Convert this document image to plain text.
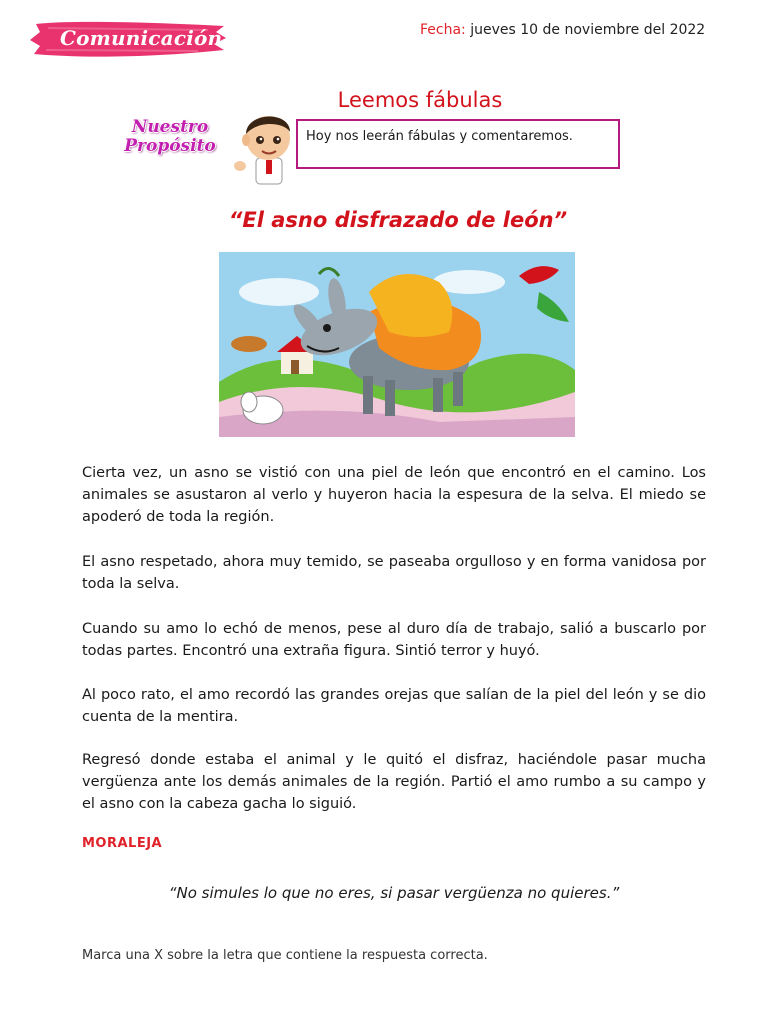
Comunicación	Fecha: jueves 10 de noviembre del 2022
Leemos fábulas
Nuestro
Propósito	Hoy nos leerán fábulas y comentaremos.
“El asno disfrazado de león”
Cierta vez, un asno se vistió con una piel de león que encontró en el camino. Los animales se asustaron al verlo y huyeron hacia la espesura de la selva. El miedo se apoderó de toda la región.
El asno respetado, ahora muy temido, se paseaba orgulloso y en forma vanidosa por toda la selva.
Cuando su amo lo echó de menos, pese al duro día de trabajo, salió a buscarlo por todas partes. Encontró una extraña figura. Sintió terror y huyó.
Al poco rato, el amo recordó las grandes orejas que salían de la piel del león y se dio cuenta de la mentira.
Regresó donde estaba el animal y le quitó el disfraz, haciéndole pasar mucha vergüenza ante los demás animales de la región. Partió el amo rumbo a su campo y el asno con la cabeza gacha lo siguió.
MORALEJA
“No simules lo que no eres, si pasar vergüenza no quieres.”
Marca una X sobre la letra que contiene la respuesta correcta.
